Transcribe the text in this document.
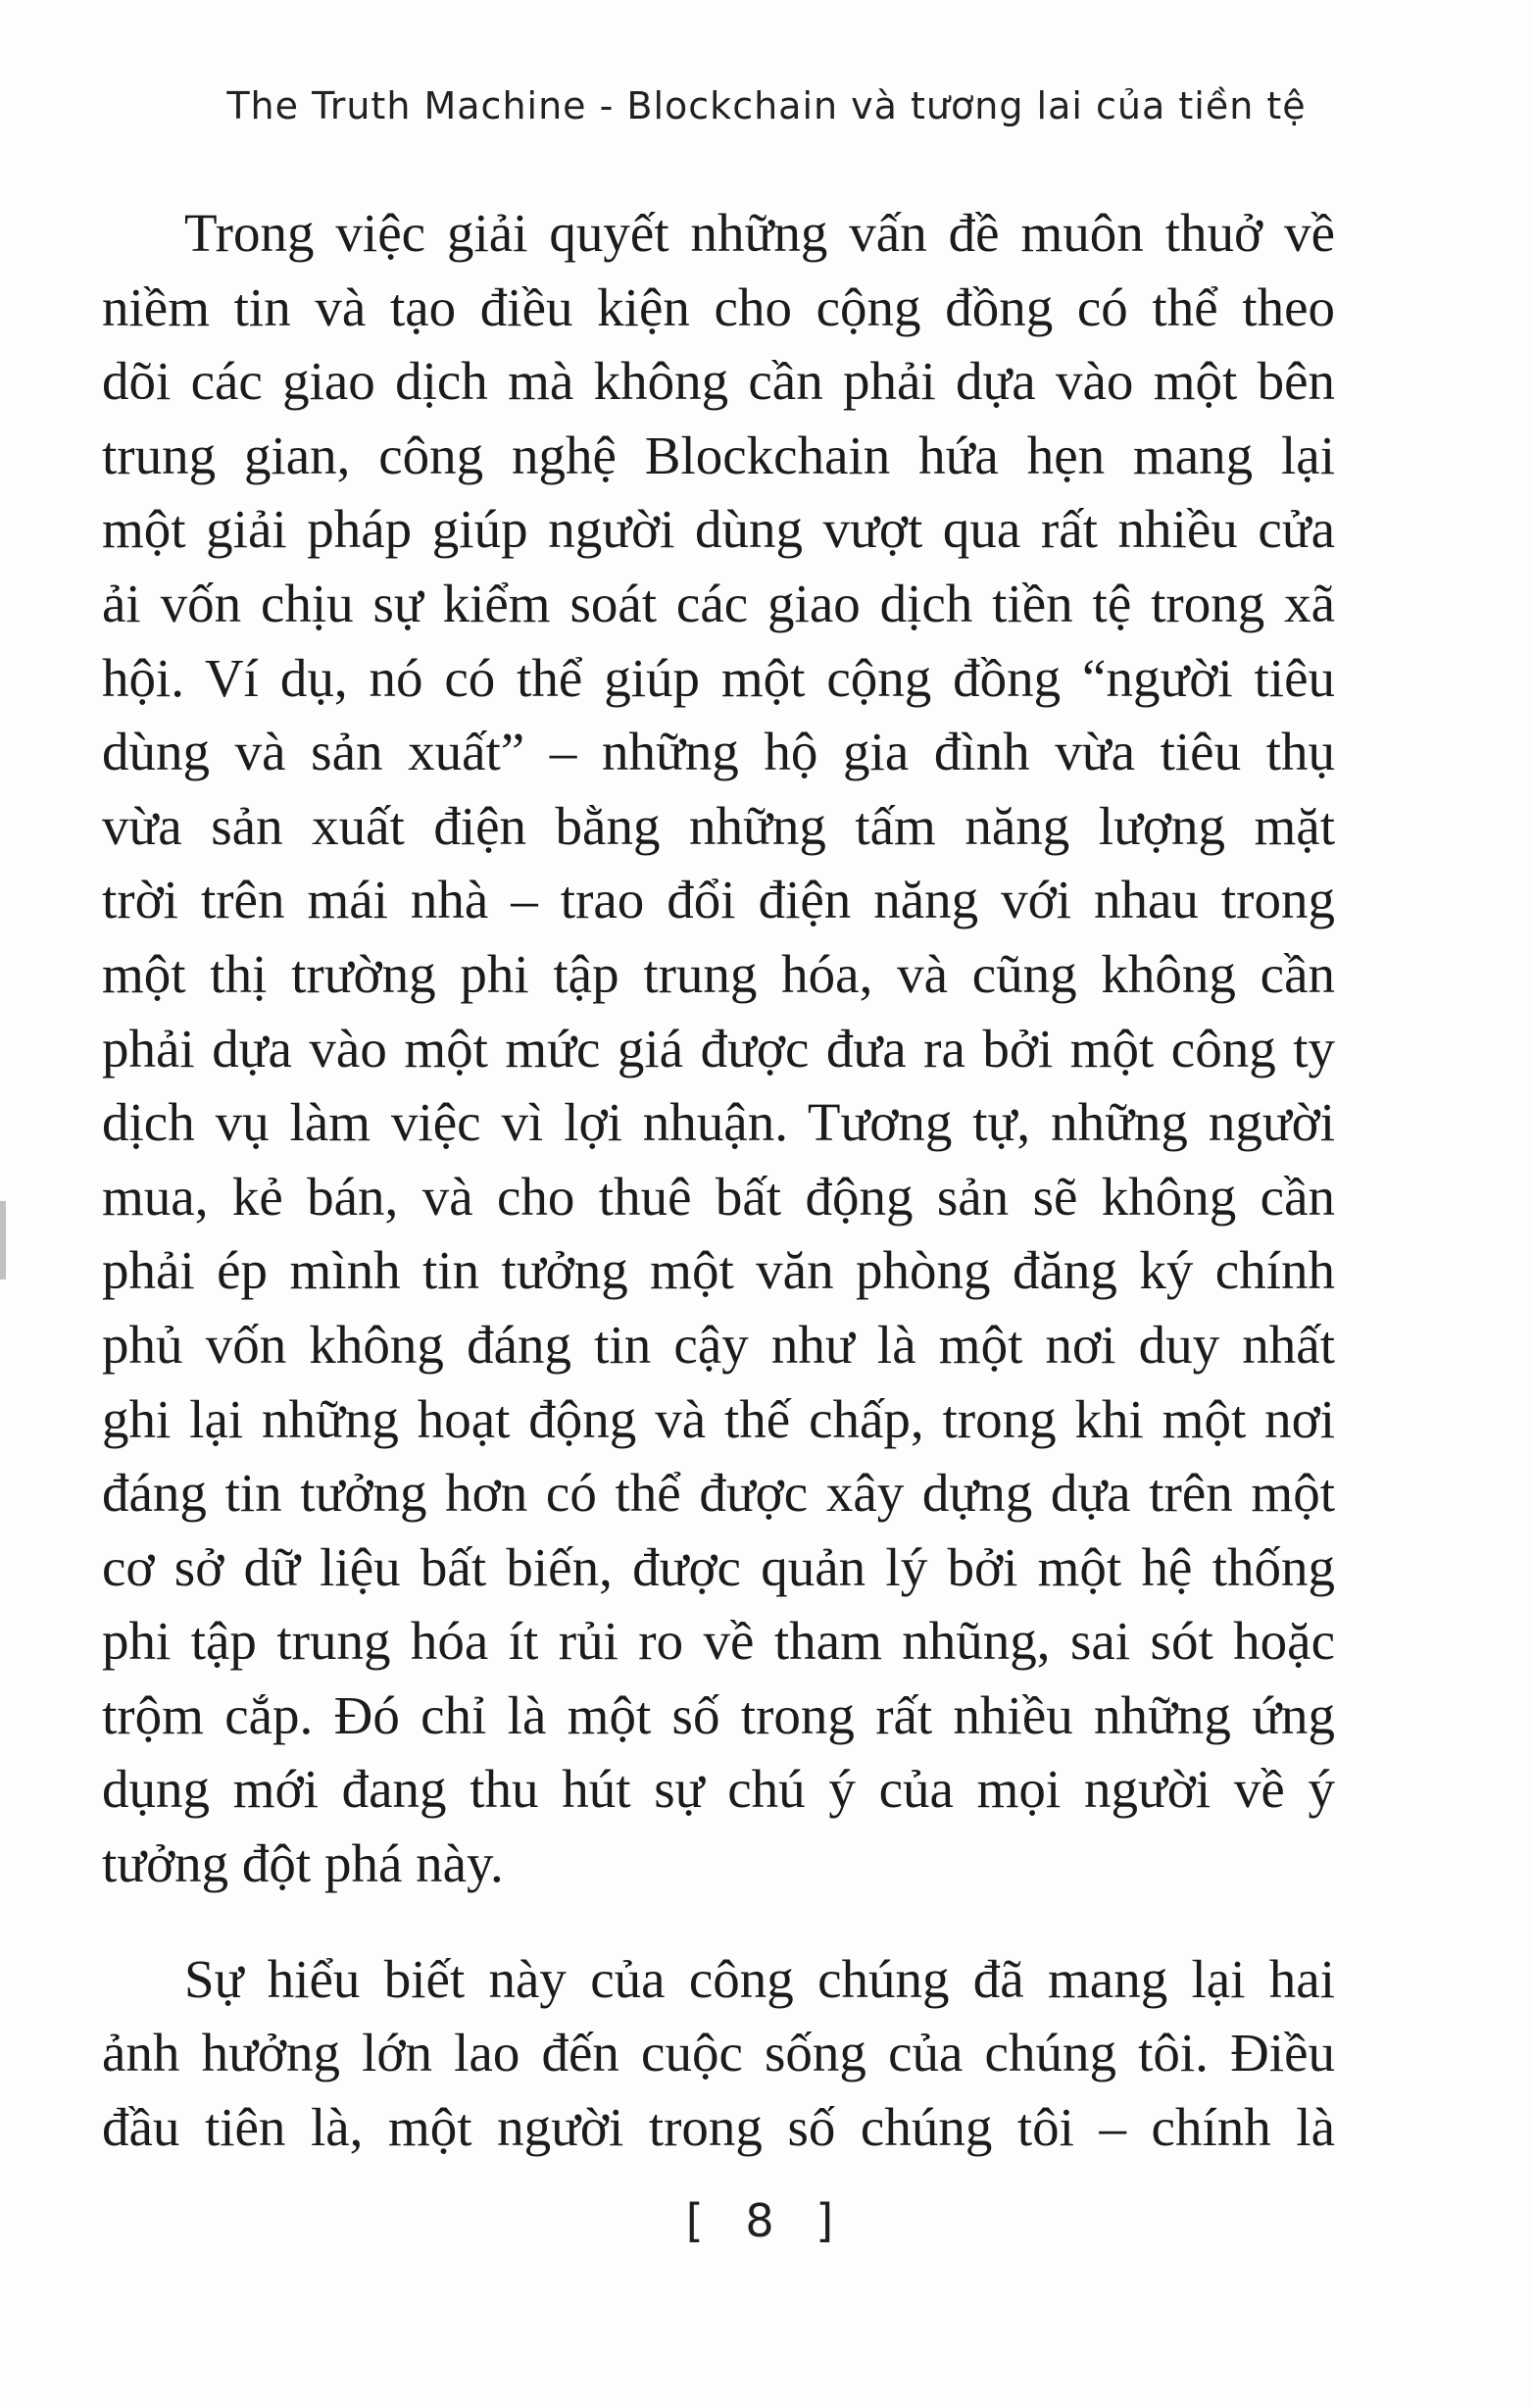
The Truth Machine - Blockchain và tương lai của tiền tệ

Trong việc giải quyết những vấn đề muôn thuở về
niềm tin và tạo điều kiện cho cộng đồng có thể theo
dõi các giao dịch mà không cần phải dựa vào một bên
trung gian, công nghệ Blockchain hứa hẹn mang lại
một giải pháp giúp người dùng vượt qua rất nhiều cửa
ải vốn chịu sự kiểm soát các giao dịch tiền tệ trong xã
hội. Ví dụ, nó có thể giúp một cộng đồng “người tiêu
dùng và sản xuất” – những hộ gia đình vừa tiêu thụ
vừa sản xuất điện bằng những tấm năng lượng mặt
trời trên mái nhà – trao đổi điện năng với nhau trong
một thị trường phi tập trung hóa, và cũng không cần
phải dựa vào một mức giá được đưa ra bởi một công ty
dịch vụ làm việc vì lợi nhuận. Tương tự, những người
mua, kẻ bán, và cho thuê bất động sản sẽ không cần
phải ép mình tin tưởng một văn phòng đăng ký chính
phủ vốn không đáng tin cậy như là một nơi duy nhất
ghi lại những hoạt động và thế chấp, trong khi một nơi
đáng tin tưởng hơn có thể được xây dựng dựa trên một
cơ sở dữ liệu bất biến, được quản lý bởi một hệ thống
phi tập trung hóa ít rủi ro về tham nhũng, sai sót hoặc
trộm cắp. Đó chỉ là một số trong rất nhiều những ứng
dụng mới đang thu hút sự chú ý của mọi người về ý
tưởng đột phá này.

Sự hiểu biết này của công chúng đã mang lại hai
ảnh hưởng lớn lao đến cuộc sống của chúng tôi. Điều
đầu tiên là, một người trong số chúng tôi – chính là

[ 8 ]
